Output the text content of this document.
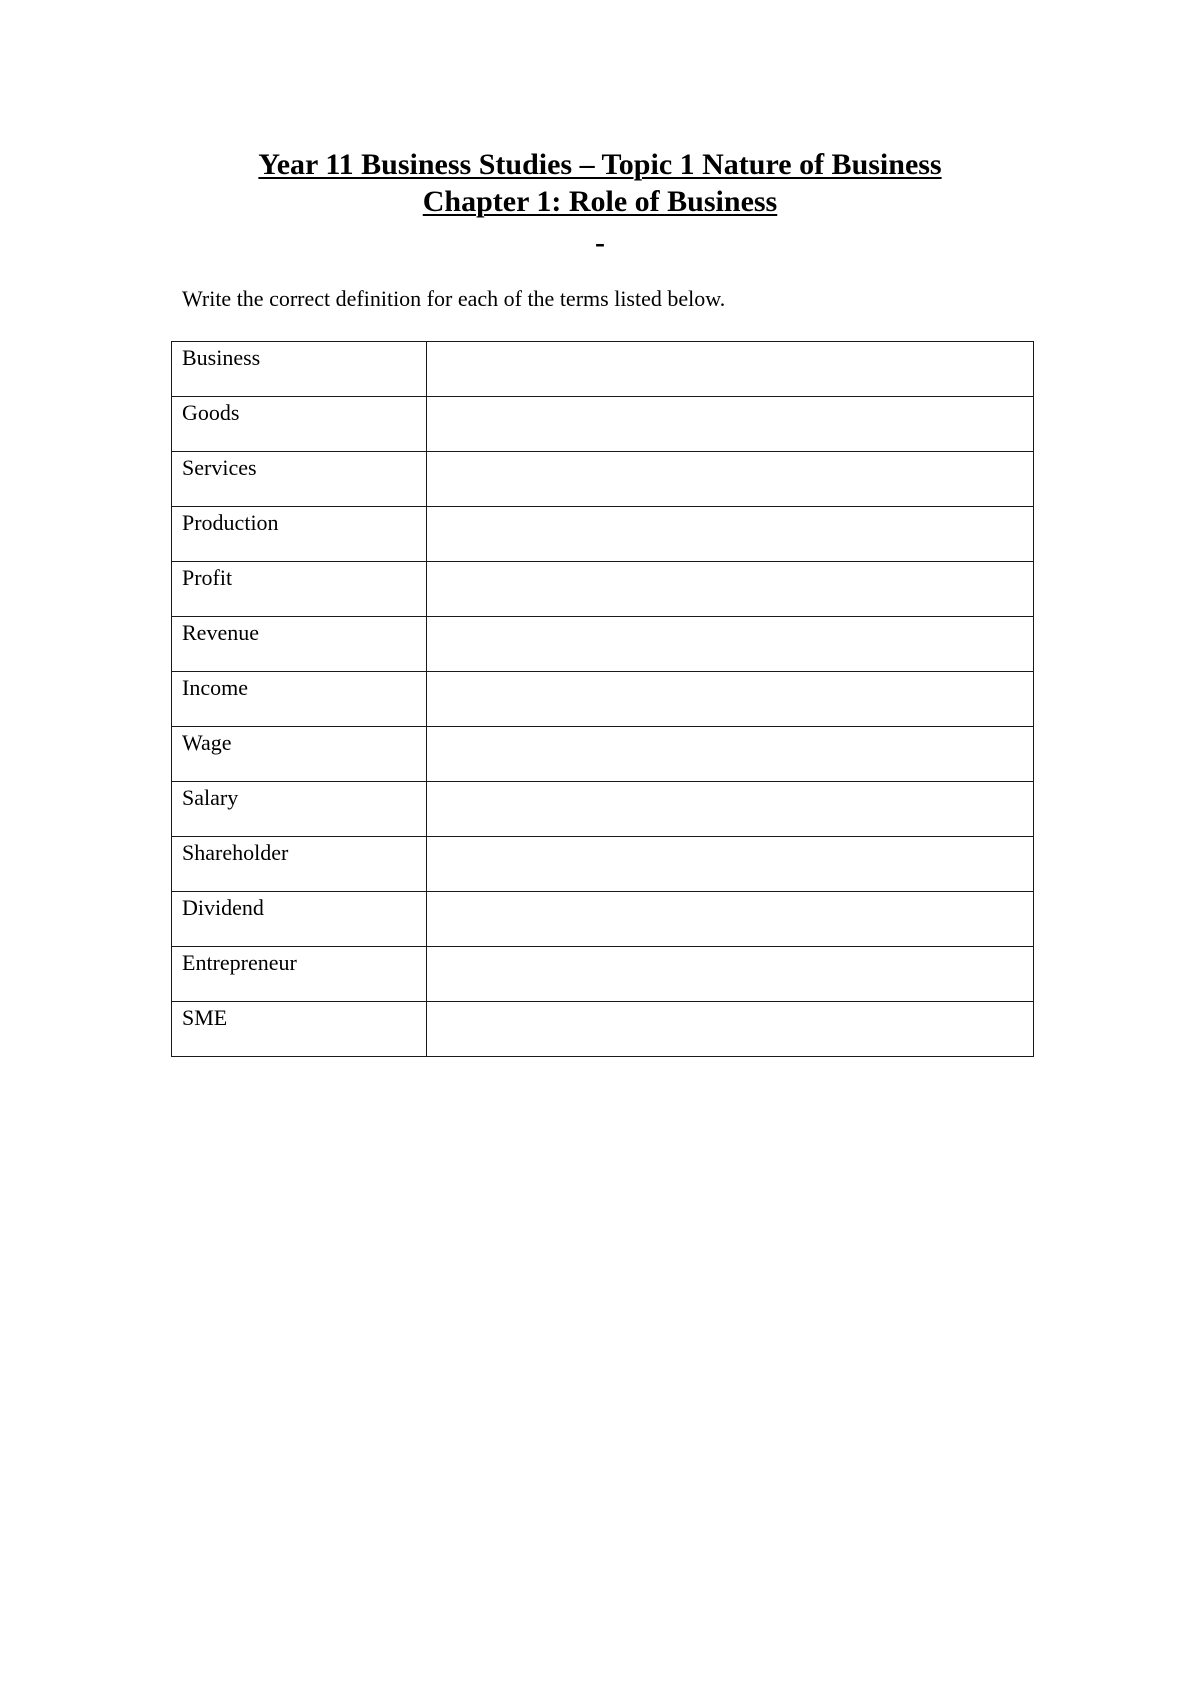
Year 11 Business Studies – Topic 1 Nature of Business

Chapter 1: Role of Business

-
Write the correct definition for each of the terms listed below.
Business	
Goods	
Services	
Production	
Profit	
Revenue	
Income	
Wage	
Salary	
Shareholder	
Dividend	
Entrepreneur	
SME	
